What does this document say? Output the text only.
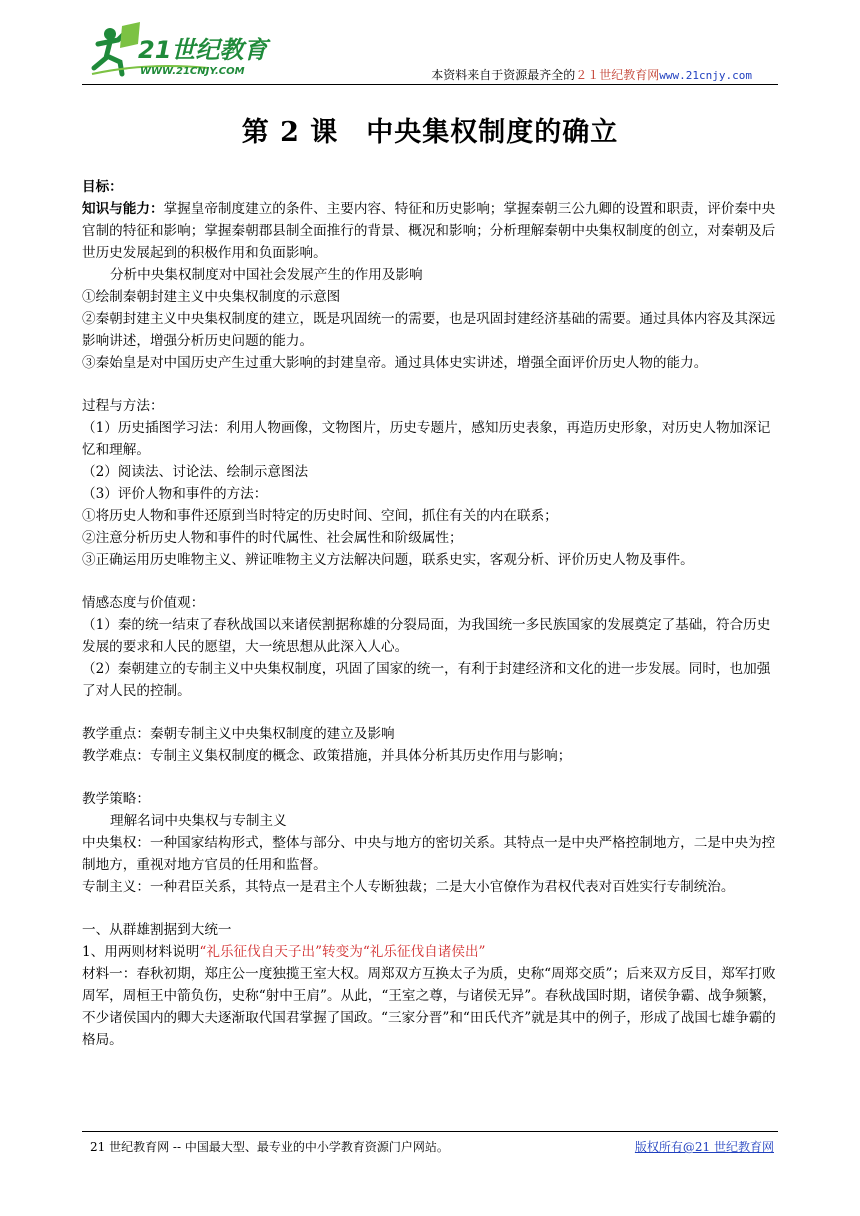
21世纪教育
WWW.21CNJY.COM	本资料来自于资源最齐全的２１世纪教育网www.21cnjy.com
第 2 课　中央集权制度的确立

目标：

知识与能力：掌握皇帝制度建立的条件、主要内容、特征和历史影响；掌握秦朝三公九卿的设置和职责，评价秦中央官制的特征和影响；掌握秦朝郡县制全面推行的背景、概况和影响；分析理解秦朝中央集权制度的创立，对秦朝及后世历史发展起到的积极作用和负面影响。

分析中央集权制度对中国社会发展产生的作用及影响

①绘制秦朝封建主义中央集权制度的示意图

②秦朝封建主义中央集权制度的建立，既是巩固统一的需要，也是巩固封建经济基础的需要。通过具体内容及其深远影响讲述，增强分析历史问题的能力。

③秦始皇是对中国历史产生过重大影响的封建皇帝。通过具体史实讲述，增强全面评价历史人物的能力。

过程与方法：

（1）历史插图学习法：利用人物画像，文物图片，历史专题片，感知历史表象，再造历史形象，对历史人物加深记忆和理解。

（2）阅读法、讨论法、绘制示意图法

（3）评价人物和事件的方法：

①将历史人物和事件还原到当时特定的历史时间、空间，抓住有关的内在联系；

②注意分析历史人物和事件的时代属性、社会属性和阶级属性；

③正确运用历史唯物主义、辨证唯物主义方法解决问题，联系史实，客观分析、评价历史人物及事件。

情感态度与价值观：

（1）秦的统一结束了春秋战国以来诸侯割据称雄的分裂局面，为我国统一多民族国家的发展奠定了基础，符合历史发展的要求和人民的愿望，大一统思想从此深入人心。

（2）秦朝建立的专制主义中央集权制度，巩固了国家的统一，有利于封建经济和文化的进一步发展。同时，也加强了对人民的控制。

教学重点：秦朝专制主义中央集权制度的建立及影响

教学难点：专制主义集权制度的概念、政策措施，并具体分析其历史作用与影响；

教学策略：

理解名词中央集权与专制主义

中央集权：一种国家结构形式，整体与部分、中央与地方的密切关系。其特点一是中央严格控制地方，二是中央为控制地方，重视对地方官员的任用和监督。

专制主义：一种君臣关系，其特点一是君主个人专断独裁；二是大小官僚作为君权代表对百姓实行专制统治。

一、从群雄割据到大统一

1、用两则材料说明“礼乐征伐自天子出”转变为“礼乐征伐自诸侯出”

材料一：春秋初期，郑庄公一度独揽王室大权。周郑双方互换太子为质，史称“周郑交质”；后来双方反目，郑军打败周军，周桓王中箭负伤，史称“射中王肩”。从此，“王室之尊，与诸侯无异”。春秋战国时期，诸侯争霸、战争频繁，不少诸侯国内的卿大夫逐渐取代国君掌握了国政。“三家分晋”和“田氏代齐”就是其中的例子，形成了战国七雄争霸的格局。

21 世纪教育网 -- 中国最大型、最专业的中小学教育资源门户网站。	版权所有@21 世纪教育网
